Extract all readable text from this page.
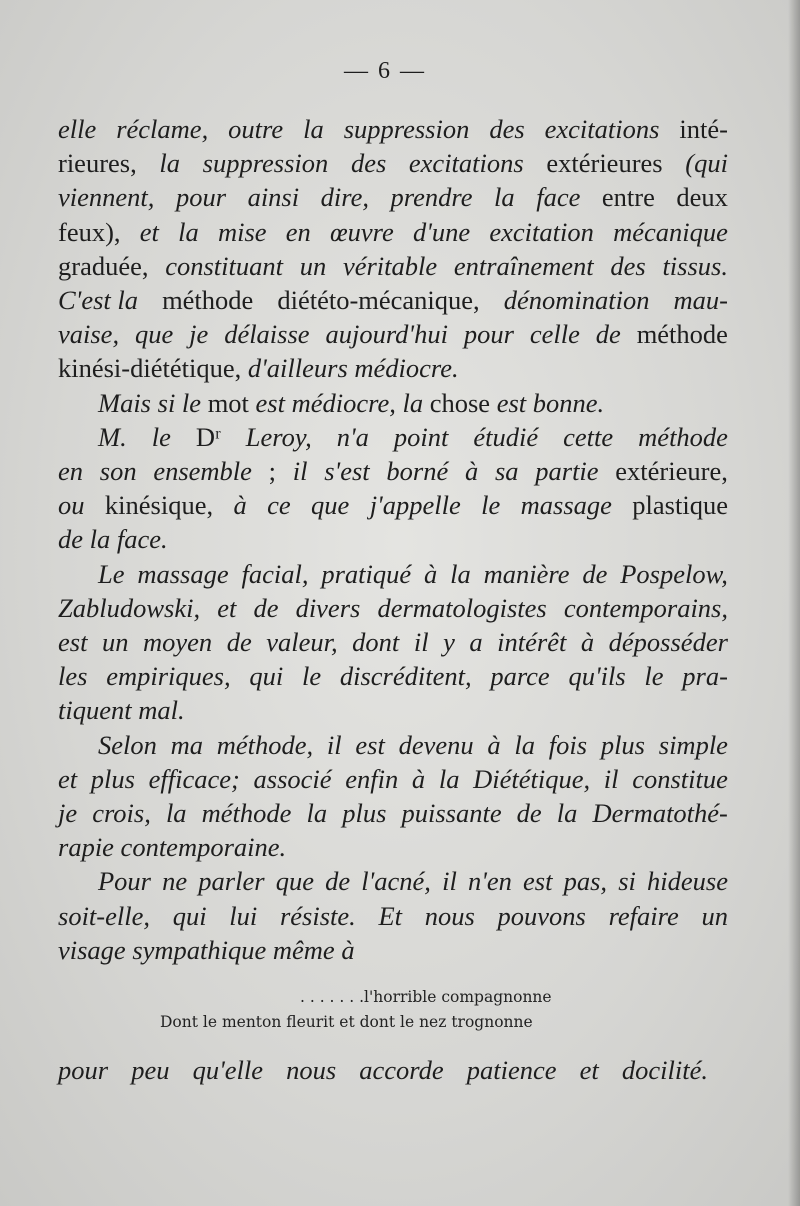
— 6 —
elle réclame, outre la suppression des excitations inté-
rieures, la suppression des excitations extérieures (qui
viennent, pour ainsi dire, prendre la face entre deux
feux), et la mise en œuvre d'une excitation mécanique
graduée, constituant un véritable entraînement des tissus.
C'est la méthode diététo-mécanique, dénomination mau-
vaise, que je délaisse aujourd'hui pour celle de méthode
kinési-diététique, d'ailleurs médiocre.
Mais si le mot est médiocre, la chose est bonne.
M. le Dʳ Leroy, n'a point étudié cette méthode
en son ensemble ; il s'est borné à sa partie extérieure,
ou kinésique, à ce que j'appelle le massage plastique
de la face.
Le massage facial, pratiqué à la manière de Pospelow,
Zabludowski, et de divers dermatologistes contemporains,
est un moyen de valeur, dont il y a intérêt à déposséder
les empiriques, qui le discréditent, parce qu'ils le pra-
tiquent mal.
Selon ma méthode, il est devenu à la fois plus simple
et plus efficace; associé enfin à la Diététique, il constitue
je crois, la méthode la plus puissante de la Dermatothé-
rapie contemporaine.
Pour ne parler que de l'acné, il n'en est pas, si hideuse
soit-elle, qui lui résiste. Et nous pouvons refaire un
visage sympathique même à
. . . . . . .l'horrible compagnonne
Dont le menton fleurit et dont le nez trognonne
pour peu qu'elle nous accorde patience et docilité.
